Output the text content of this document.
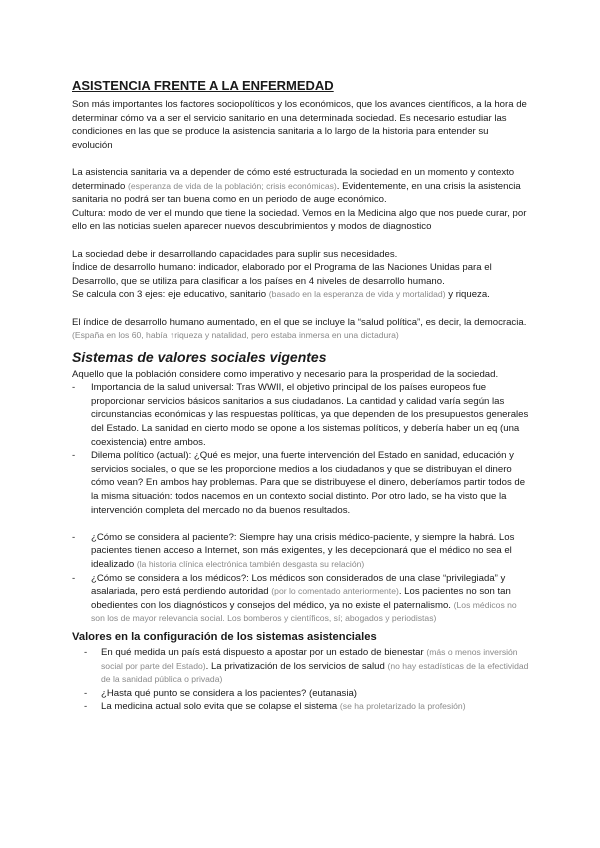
ASISTENCIA FRENTE A LA ENFERMEDAD

Son más importantes los factores sociopolíticos y los económicos, que los avances científicos, a la hora de determinar cómo va a ser el servicio sanitario en una determinada sociedad. Es necesario estudiar las condiciones en las que se produce la asistencia sanitaria a lo largo de la historia para entender su evolución

La asistencia sanitaria va a depender de cómo esté estructurada la sociedad en un momento y contexto determinado (esperanza de vida de la población; crisis económicas). Evidentemente, en una crisis la asistencia sanitaria no podrá ser tan buena como en un periodo de auge económico.

Cultura: modo de ver el mundo que tiene la sociedad. Vemos en la Medicina algo que nos puede curar, por ello en las noticias suelen aparecer nuevos descubrimientos y modos de diagnostico

La sociedad debe ir desarrollando capacidades para suplir sus necesidades.

Índice de desarrollo humano: indicador, elaborado por el Programa de las Naciones Unidas para el Desarrollo, que se utiliza para clasificar a los países en 4 niveles de desarrollo humano.

Se calcula con 3 ejes: eje educativo, sanitario (basado en la esperanza de vida y mortalidad) y riqueza.

El índice de desarrollo humano aumentado, en el que se incluye la “salud política”, es decir, la democracia. (España en los 60, había ↑riqueza y natalidad, pero estaba inmersa en una dictadura)

Sistemas de valores sociales vigentes

Aquello que la población considere como imperativo y necesario para la prosperidad de la sociedad.

-	Importancia de la salud universal: Tras WWII, el objetivo principal de los países europeos fue proporcionar servicios básicos sanitarios a sus ciudadanos. La cantidad y calidad varía según las circunstancias económicas y las respuestas políticas, ya que dependen de los presupuestos generales del Estado. La sanidad en cierto modo se opone a los sistemas políticos, y debería haber un eq (una coexistencia) entre ambos.
-	Dilema político (actual): ¿Qué es mejor, una fuerte intervención del Estado en sanidad, educación y servicios sociales, o que se les proporcione medios a los ciudadanos y que se distribuyan el dinero cómo vean? En ambos hay problemas. Para que se distribuyese el dinero, deberíamos partir todos de la misma situación: todos nacemos en un contexto social distinto. Por otro lado, se ha visto que la intervención completa del mercado no da buenos resultados.
-	¿Cómo se considera al paciente?: Siempre hay una crisis médico-paciente, y siempre la habrá. Los pacientes tienen acceso a Internet, son más exigentes, y les decepcionará que el médico no sea el idealizado (la historia clínica electrónica también desgasta su relación)
-	¿Cómo se considera a los médicos?: Los médicos son considerados de una clase “privilegiada” y asalariada, pero está perdiendo autoridad (por lo comentado anteriormente). Los pacientes no son tan obedientes con los diagnósticos y consejos del médico, ya no existe el paternalismo. (Los médicos no son los de mayor relevancia social. Los bomberos y científicos, sí; abogados y periodistas)
Valores en la configuración de los sistemas asistenciales
-	En qué medida un país está dispuesto a apostar por un estado de bienestar (más o menos inversión social por parte del Estado). La privatización de los servicios de salud (no hay estadísticas de la efectividad de la sanidad pública o privada)
-	¿Hasta qué punto se considera a los pacientes? (eutanasia)
-	La medicina actual solo evita que se colapse el sistema (se ha proletarizado la profesión)
